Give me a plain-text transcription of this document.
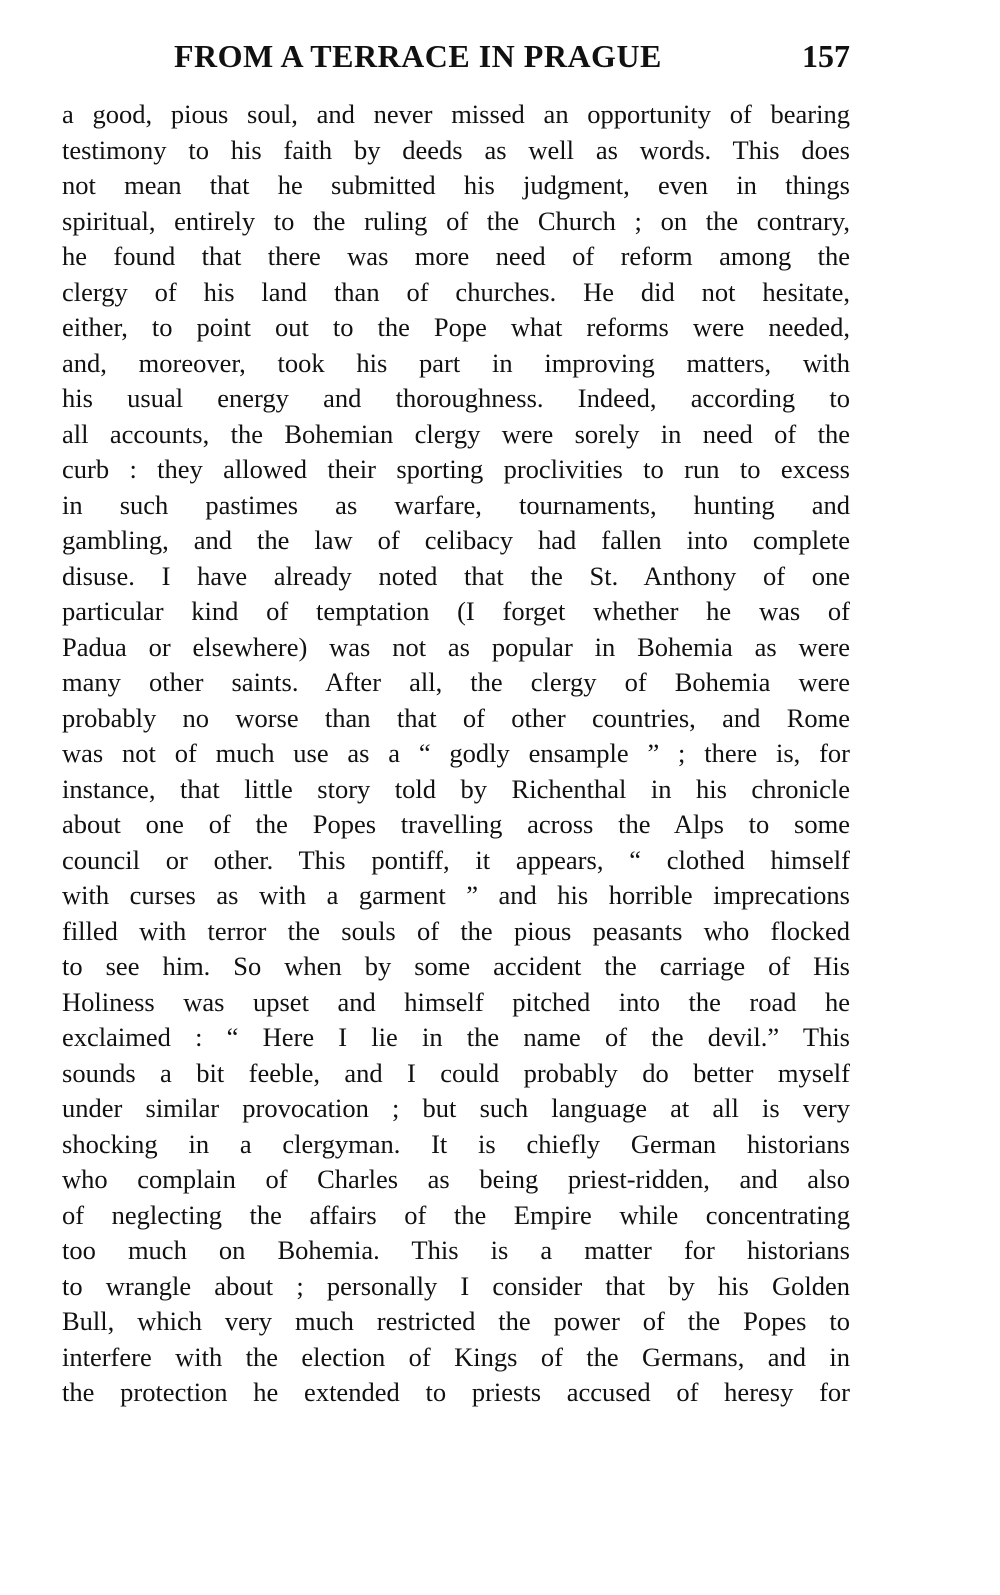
FROM A TERRACE IN PRAGUE	157
a good, pious soul, and never missed an opportunity of bearing
testimony to his faith by deeds as well as words. This does
not mean that he submitted his judgment, even in things
spiritual, entirely to the ruling of the Church ; on the contrary,
he found that there was more need of reform among the
clergy of his land than of churches. He did not hesitate,
either, to point out to the Pope what reforms were needed,
and, moreover, took his part in improving matters, with
his usual energy and thoroughness. Indeed, according to
all accounts, the Bohemian clergy were sorely in need of the
curb : they allowed their sporting proclivities to run to excess
in such pastimes as warfare, tournaments, hunting and
gambling, and the law of celibacy had fallen into complete
disuse. I have already noted that the St. Anthony of one
particular kind of temptation (I forget whether he was of
Padua or elsewhere) was not as popular in Bohemia as were
many other saints. After all, the clergy of Bohemia were
probably no worse than that of other countries, and Rome
was not of much use as a “ godly ensample ” ; there is, for
instance, that little story told by Richenthal in his chronicle
about one of the Popes travelling across the Alps to some
council or other. This pontiff, it appears, “ clothed himself
with curses as with a garment ” and his horrible imprecations
filled with terror the souls of the pious peasants who flocked
to see him. So when by some accident the carriage of His
Holiness was upset and himself pitched into the road he
exclaimed : “ Here I lie in the name of the devil.” This
sounds a bit feeble, and I could probably do better myself
under similar provocation ; but such language at all is very
shocking in a clergyman. It is chiefly German historians
who complain of Charles as being priest-ridden, and also
of neglecting the affairs of the Empire while concentrating
too much on Bohemia. This is a matter for historians
to wrangle about ; personally I consider that by his Golden
Bull, which very much restricted the power of the Popes to
interfere with the election of Kings of the Germans, and in
the protection he extended to priests accused of heresy for
